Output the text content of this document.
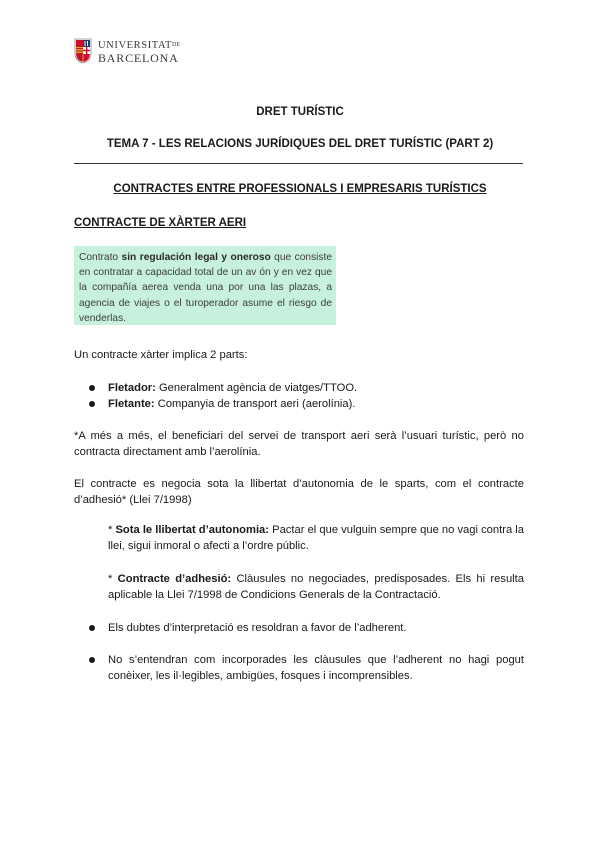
UNIVERSITATDE
BARCELONA
DRET TURÍSTIC
TEMA 7 - LES RELACIONS JURÍDIQUES DEL DRET TURÍSTIC (PART 2)
CONTRACTES ENTRE PROFESSIONALS I EMPRESARIS TURÍSTICS
CONTRACTE DE XÀRTER AERI
Contrato sin regulación legal y oneroso que consiste en contratar a capacidad total de un av ón y en vez que la compañía aerea venda una por una las plazas, a agencia de viajes o el turoperador asume el riesgo de venderlas.
Un contracte xàrter implica 2 parts:
Fletador: Generalment agència de viatges/TTOO.
Fletante: Companyia de transport aeri (aerolínia).
*A més a més, el beneficiari del servei de transport aeri serà l’usuari turístic, però no contracta directament amb l’aerolínia.
El contracte es negocia sota la llibertat d’autonomia de le sparts, com el contracte d’adhesió* (Llei 7/1998)
* Sota le llibertat d’autonomia: Pactar el que vulguin sempre que no vagi contra la llei, sigui inmoral o afecti a l’ordre públic.
* Contracte d’adhesió: Clàusules no negociades, predisposades. Els hi resulta aplicable la Llei 7/1998 de Condicions Generals de la Contractació.
Els dubtes d’interpretació es resoldran a favor de l’adherent.
No s’entendran com incorporades les clàusules que l’adherent no hagi pogut conèixer, les il·legibles, ambigües, fosques i incomprensibles.
